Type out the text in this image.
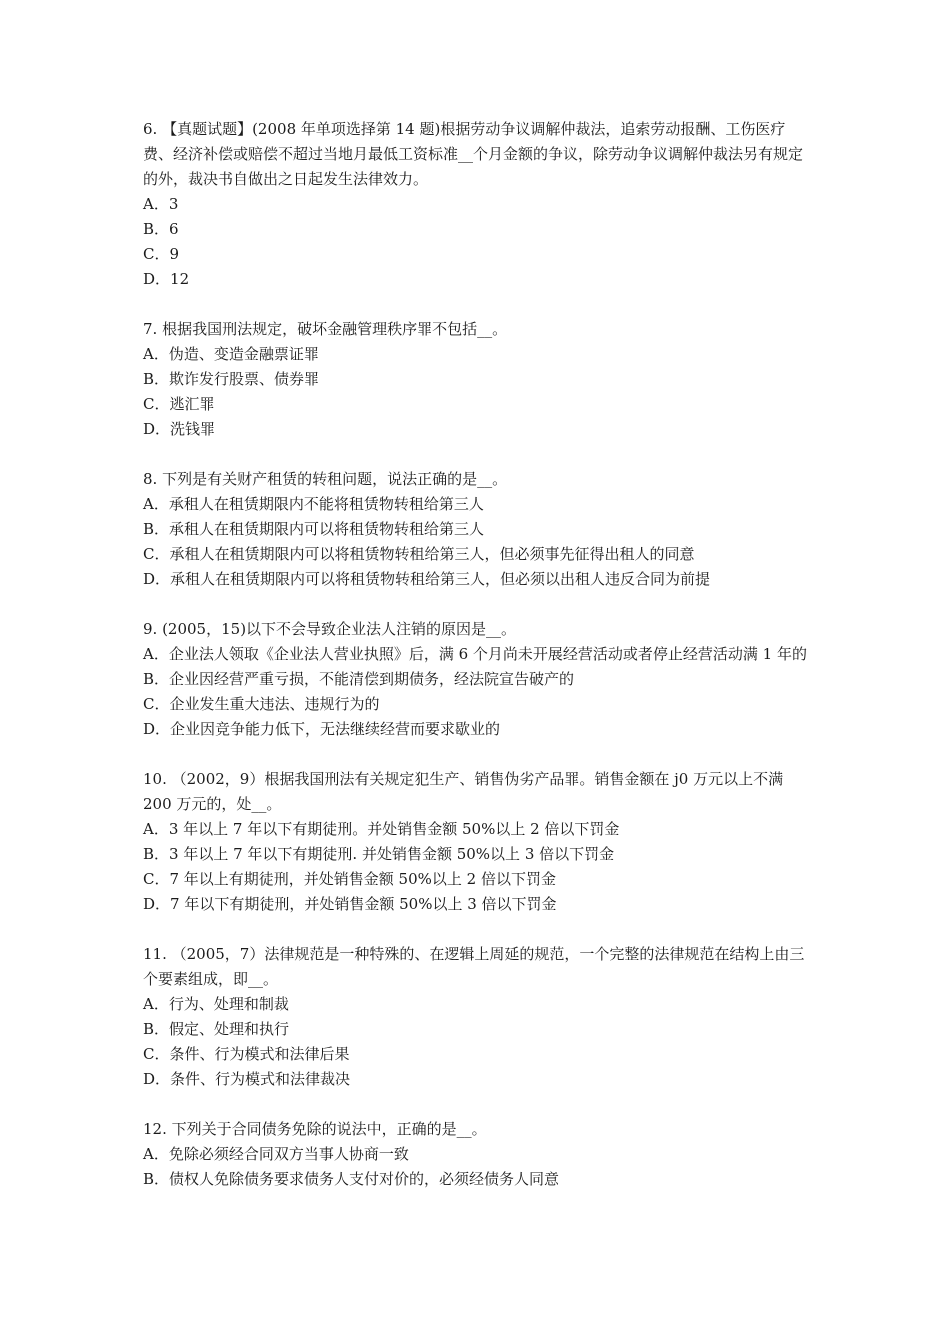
6. 【真题试题】(2008 年单项选择第 14 题)根据劳动争议调解仲裁法，追索劳动报酬、工伤医疗费、经济补偿或赔偿不超过当地月最低工资标准__个月金额的争议，除劳动争议调解仲裁法另有规定的外，裁决书自做出之日起发生法律效力。

A．3

B．6

C．9

D．12

7. 根据我国刑法规定，破坏金融管理秩序罪不包括__。

A．伪造、变造金融票证罪

B．欺诈发行股票、债券罪

C．逃汇罪

D．洗钱罪

8. 下列是有关财产租赁的转租问题，说法正确的是__。

A．承租人在租赁期限内不能将租赁物转租给第三人

B．承租人在租赁期限内可以将租赁物转租给第三人

C．承租人在租赁期限内可以将租赁物转租给第三人，但必须事先征得出租人的同意

D．承租人在租赁期限内可以将租赁物转租给第三人，但必须以出租人违反合同为前提

9. (2005，15)以下不会导致企业法人注销的原因是__。

A．企业法人领取《企业法人营业执照》后，满 6 个月尚未开展经营活动或者停止经营活动满 1 年的

B．企业因经营严重亏损，不能清偿到期债务，经法院宣告破产的

C．企业发生重大违法、违规行为的

D．企业因竞争能力低下，无法继续经营而要求歇业的

10. （2002，9）根据我国刑法有关规定犯生产、销售伪劣产品罪。销售金额在 j0 万元以上不满 200 万元的，处__。

A．3 年以上 7 年以下有期徒刑。并处销售金额 50%以上 2 倍以下罚金

B．3 年以上 7 年以下有期徒刑. 并处销售金额 50%以上 3 倍以下罚金

C．7 年以上有期徒刑，并处销售金额 50%以上 2 倍以下罚金

D．7 年以下有期徒刑，并处销售金额 50%以上 3 倍以下罚金

11. （2005，7）法律规范是一种特殊的、在逻辑上周延的规范，一个完整的法律规范在结构上由三个要素组成，即__。

A．行为、处理和制裁

B．假定、处理和执行

C．条件、行为模式和法律后果

D．条件、行为模式和法律裁决

12. 下列关于合同债务免除的说法中，正确的是__。

A．免除必须经合同双方当事人协商一致

B．债权人免除债务要求债务人支付对价的，必须经债务人同意
